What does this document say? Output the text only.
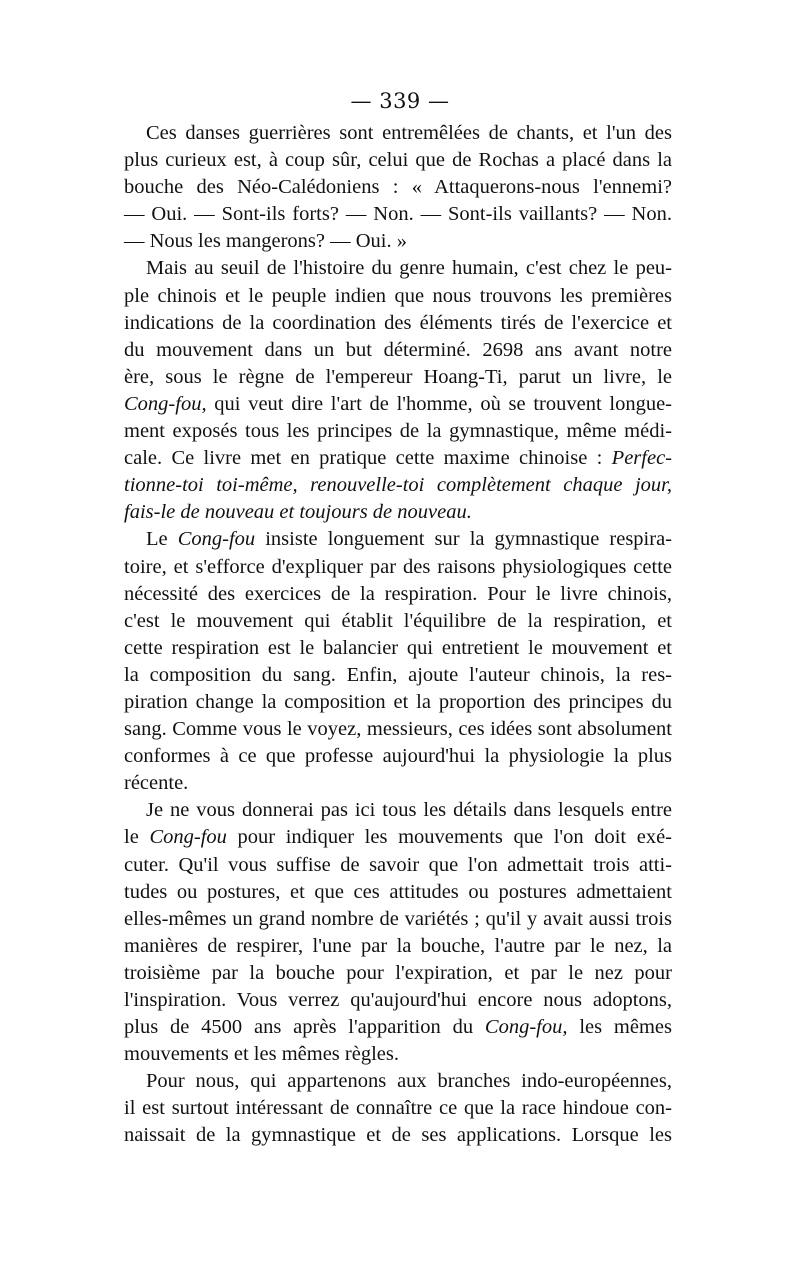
— 339 —
Ces danses guerrières sont entremêlées de chants, et l'un des
plus curieux est, à coup sûr, celui que de Rochas a placé dans la
bouche des Néo-Calédoniens : « Attaquerons-nous l'ennemi?
— Oui. — Sont-ils forts? — Non. — Sont-ils vaillants? — Non.
— Nous les mangerons? — Oui. »
Mais au seuil de l'histoire du genre humain, c'est chez le peu-
ple chinois et le peuple indien que nous trouvons les premières
indications de la coordination des éléments tirés de l'exercice et
du mouvement dans un but déterminé. 2698 ans avant notre
ère, sous le règne de l'empereur Hoang-Ti, parut un livre, le
Cong-fou, qui veut dire l'art de l'homme, où se trouvent longue-
ment exposés tous les principes de la gymnastique, même médi-
cale. Ce livre met en pratique cette maxime chinoise : Perfec-
tionne-toi toi-même, renouvelle-toi complètement chaque jour,
fais-le de nouveau et toujours de nouveau.
Le Cong-fou insiste longuement sur la gymnastique respira-
toire, et s'efforce d'expliquer par des raisons physiologiques cette
nécessité des exercices de la respiration. Pour le livre chinois,
c'est le mouvement qui établit l'équilibre de la respiration, et
cette respiration est le balancier qui entretient le mouvement et
la composition du sang. Enfin, ajoute l'auteur chinois, la res-
piration change la composition et la proportion des principes du
sang. Comme vous le voyez, messieurs, ces idées sont absolument
conformes à ce que professe aujourd'hui la physiologie la plus
récente.
Je ne vous donnerai pas ici tous les détails dans lesquels entre
le Cong-fou pour indiquer les mouvements que l'on doit exé-
cuter. Qu'il vous suffise de savoir que l'on admettait trois atti-
tudes ou postures, et que ces attitudes ou postures admettaient
elles-mêmes un grand nombre de variétés ; qu'il y avait aussi trois
manières de respirer, l'une par la bouche, l'autre par le nez, la
troisième par la bouche pour l'expiration, et par le nez pour
l'inspiration. Vous verrez qu'aujourd'hui encore nous adoptons,
plus de 4500 ans après l'apparition du Cong-fou, les mêmes
mouvements et les mêmes règles.
Pour nous, qui appartenons aux branches indo-européennes,
il est surtout intéressant de connaître ce que la race hindoue con-
naissait de la gymnastique et de ses applications. Lorsque les
